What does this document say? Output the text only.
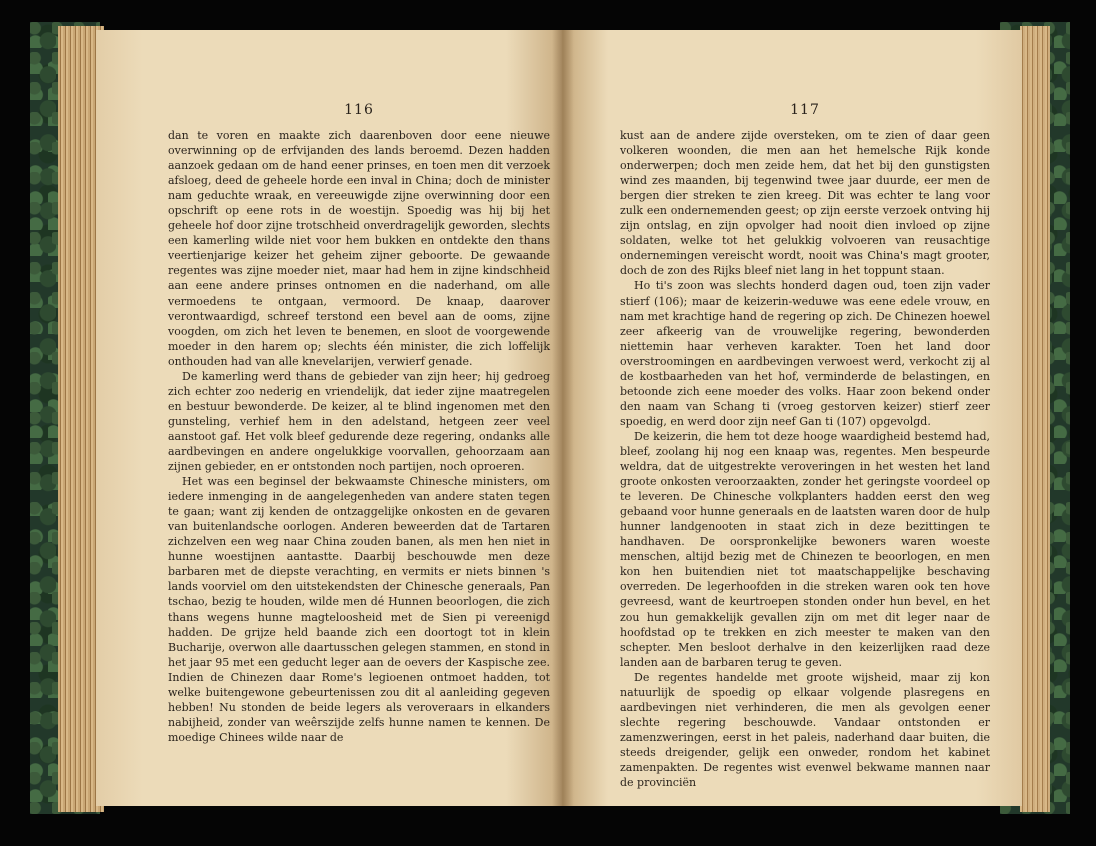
116

dan te voren en maakte zich daarenboven door eene nieuwe overwinning op de erfvijanden des lands beroemd. Dezen hadden aanzoek gedaan om de hand eener prinses, en toen men dit verzoek afsloeg, deed de geheele horde een inval in China; doch de minister nam geduchte wraak, en vereeuwigde zijne overwinning door een opschrift op eene rots in de woestijn. Spoedig was hij bij het geheele hof door zijne trotschheid onverdragelijk geworden, slechts een kamerling wilde niet voor hem bukken en ontdekte den thans veertienjarige keizer het geheim zijner geboorte. De gewaande regentes was zijne moeder niet, maar had hem in zijne kindschheid aan eene andere prinses ontnomen en die naderhand, om alle vermoedens te ontgaan, vermoord. De knaap, daarover verontwaardigd, schreef terstond een bevel aan de ooms, zijne voogden, om zich het leven te benemen, en sloot de voorgewende moeder in den harem op; slechts één minister, die zich loffelijk onthouden had van alle knevelarijen, verwierf genade.

De kamerling werd thans de gebieder van zijn heer; hij gedroeg zich echter zoo nederig en vriendelijk, dat ieder zijne maatregelen en bestuur bewonderde. De keizer, al te blind ingenomen met den gunsteling, verhief hem in den adelstand, hetgeen zeer veel aanstoot gaf. Het volk bleef gedurende deze regering, ondanks alle aardbevingen en andere ongelukkige voorvallen, gehoorzaam aan zijnen gebieder, en er ontstonden noch partijen, noch oproeren.

Het was een beginsel der bekwaamste Chinesche ministers, om iedere inmenging in de aangelegenheden van andere staten tegen te gaan; want zij kenden de ontzaggelijke onkosten en de gevaren van buitenlandsche oorlogen. Anderen beweerden dat de Tartaren zichzelven een weg naar China zouden banen, als men hen niet in hunne woestijnen aantastte. Daarbij beschouwde men deze barbaren met de diepste verachting, en vermits er niets binnen 's lands voorviel om den uitstekendsten der Chinesche generaals, Pan tschao, bezig te houden, wilde men dé Hunnen beoorlogen, die zich thans wegens hunne magteloosheid met de Sien pi vereenigd hadden. De grijze held baande zich een doortogt tot in klein Bucharije, overwon alle daartusschen gelegen stammen, en stond in het jaar 95 met een geducht leger aan de oevers der Kaspische zee. Indien de Chinezen daar Rome's legioenen ontmoet hadden, tot welke buitengewone gebeurtenissen zou dit al aanleiding gegeven hebben! Nu stonden de beide legers als veroveraars in elkanders nabijheid, zonder van weêrszijde zelfs hunne namen te kennen. De moedige Chinees wilde naar de

117

kust aan de andere zijde oversteken, om te zien of daar geen volkeren woonden, die men aan het hemelsche Rijk konde onderwerpen; doch men zeide hem, dat het bij den gunstigsten wind zes maanden, bij tegenwind twee jaar duurde, eer men de bergen dier streken te zien kreeg. Dit was echter te lang voor zulk een ondernemenden geest; op zijn eerste verzoek ontving hij zijn ontslag, en zijn opvolger had nooit dien invloed op zijne soldaten, welke tot het gelukkig volvoeren van reusachtige ondernemingen vereischt wordt, nooit was China's magt grooter, doch de zon des Rijks bleef niet lang in het toppunt staan.

Ho ti's zoon was slechts honderd dagen oud, toen zijn vader stierf (106); maar de keizerin-weduwe was eene edele vrouw, en nam met krachtige hand de regering op zich. De Chinezen hoewel zeer afkeerig van de vrouwelijke regering, bewonderden niettemin haar verheven karakter. Toen het land door overstroomingen en aardbevingen verwoest werd, verkocht zij al de kostbaarheden van het hof, verminderde de belastingen, en betoonde zich eene moeder des volks. Haar zoon bekend onder den naam van Schang ti (vroeg gestorven keizer) stierf zeer spoedig, en werd door zijn neef Gan ti (107) opgevolgd.

De keizerin, die hem tot deze hooge waardigheid bestemd had, bleef, zoolang hij nog een knaap was, regentes. Men bespeurde weldra, dat de uitgestrekte veroveringen in het westen het land groote onkosten veroorzaakten, zonder het geringste voordeel op te leveren. De Chinesche volkplanters hadden eerst den weg gebaand voor hunne generaals en de laatsten waren door de hulp hunner landgenooten in staat zich in deze bezittingen te handhaven. De oorspronkelijke bewoners waren woeste menschen, altijd bezig met de Chinezen te beoorlogen, en men kon hen buitendien niet tot maatschappelijke beschaving overreden. De legerhoofden in die streken waren ook ten hove gevreesd, want de keurtroepen stonden onder hun bevel, en het zou hun gemakkelijk gevallen zijn om met dit leger naar de hoofdstad op te trekken en zich meester te maken van den schepter. Men besloot derhalve in den keizerlijken raad deze landen aan de barbaren terug te geven.

De regentes handelde met groote wijsheid, maar zij kon natuurlijk de spoedig op elkaar volgende plasregens en aardbevingen niet verhinderen, die men als gevolgen eener slechte regering beschouwde. Vandaar ontstonden er zamenzweringen, eerst in het paleis, naderhand daar buiten, die steeds dreigender, gelijk een onweder, rondom het kabinet zamenpakten. De regentes wist evenwel bekwame mannen naar de provinciën
